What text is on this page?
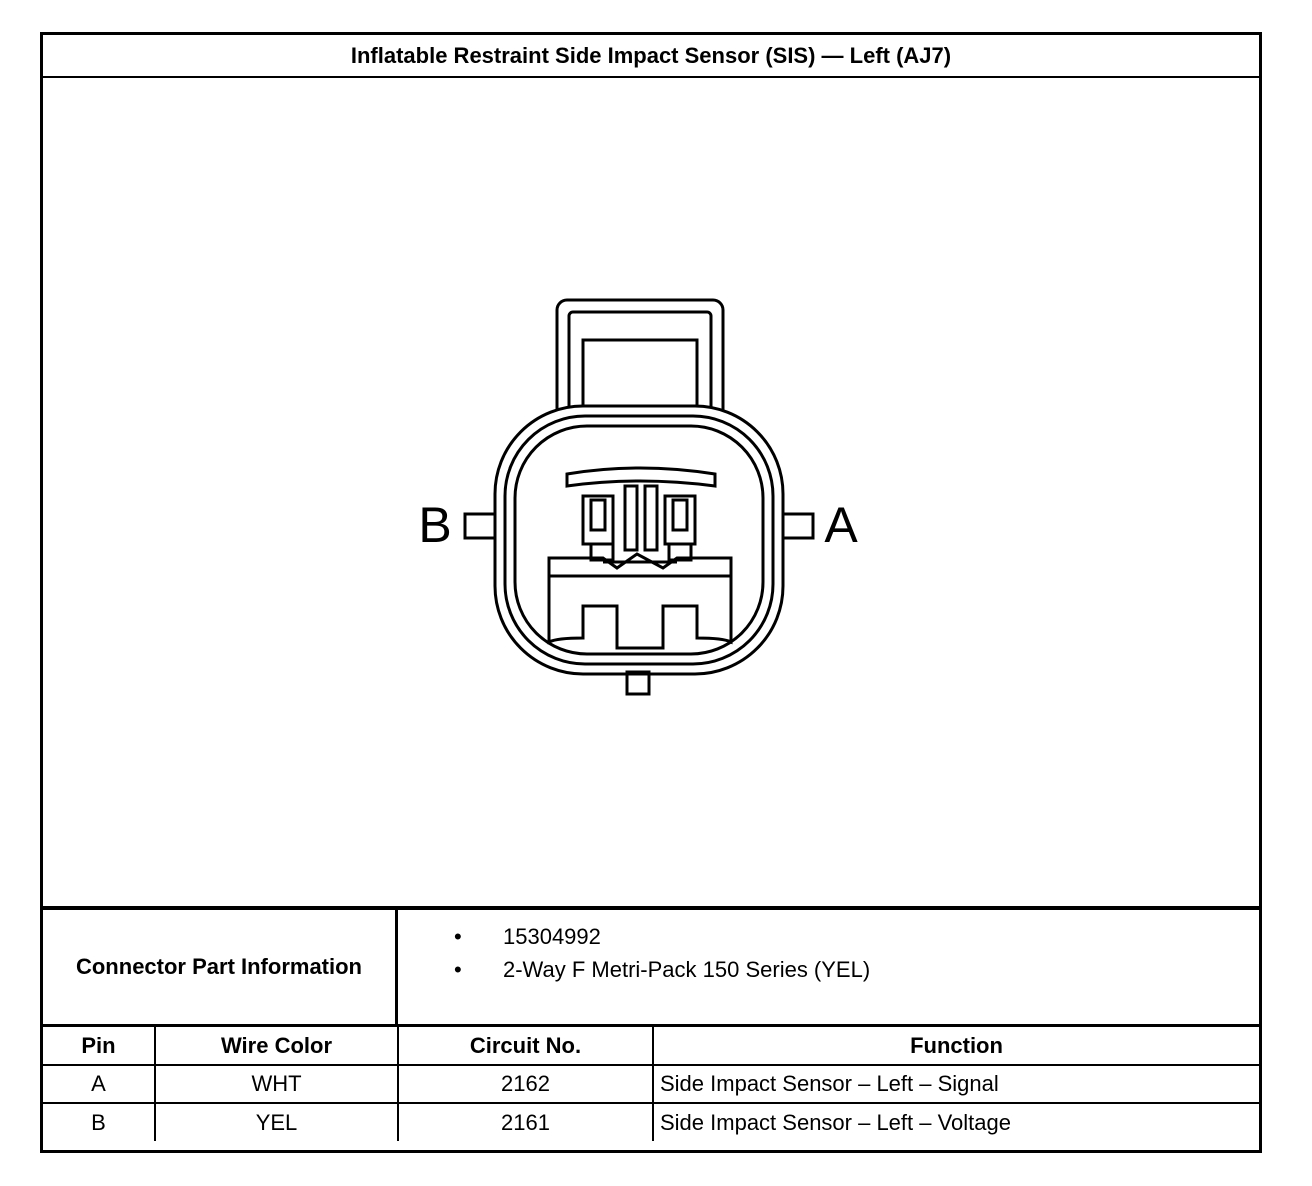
Inflatable Restraint Side Impact Sensor (SIS) — Left (AJ7)
B	A
Connector Part Information
• 15304992
• 2-Way F Metri-Pack 150 Series (YEL)
Pin	Wire Color	Circuit No.	Function
A	WHT	2162	Side Impact Sensor – Left – Signal
B	YEL	2161	Side Impact Sensor – Left – Voltage
